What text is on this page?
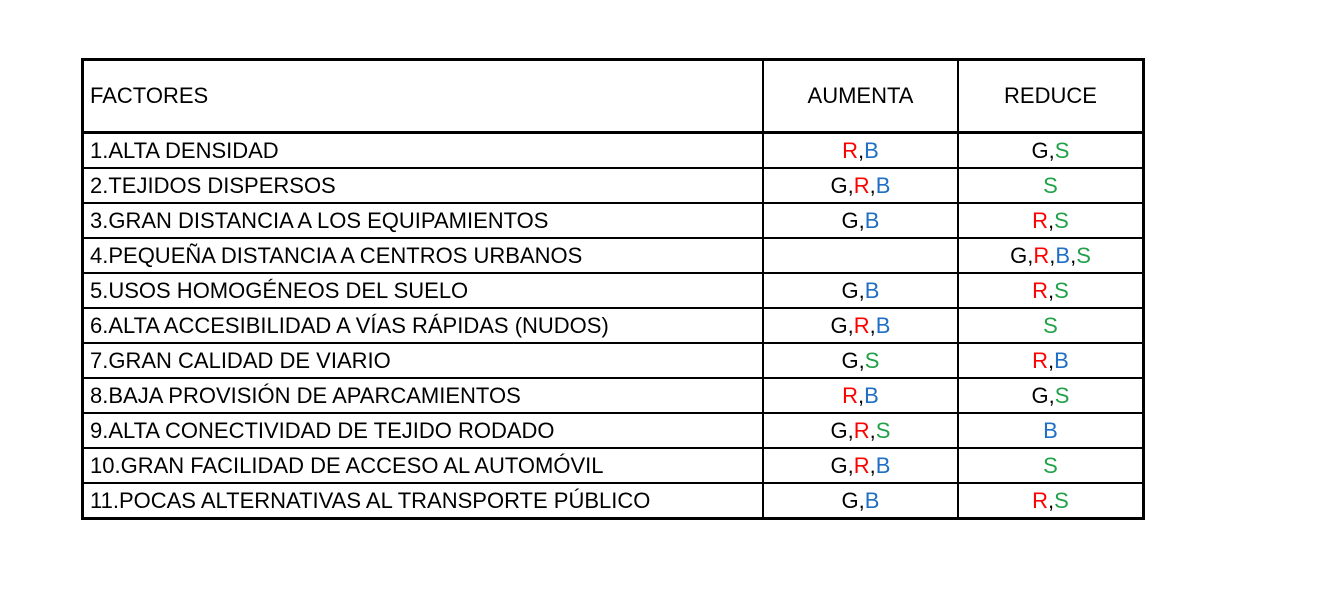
FACTORES	AUMENTA	REDUCE
1.ALTA DENSIDAD	R,B	G,S
2.TEJIDOS DISPERSOS	G,R,B	S
3.GRAN DISTANCIA A LOS EQUIPAMIENTOS	G,B	R,S
4.PEQUEÑA DISTANCIA A CENTROS URBANOS		G,R,B,S
5.USOS HOMOGÉNEOS DEL SUELO	G,B	R,S
6.ALTA ACCESIBILIDAD A VÍAS RÁPIDAS (NUDOS)	G,R,B	S
7.GRAN CALIDAD DE VIARIO	G,S	R,B
8.BAJA PROVISIÓN DE APARCAMIENTOS	R,B	G,S
9.ALTA CONECTIVIDAD DE TEJIDO RODADO	G,R,S	B
10.GRAN FACILIDAD DE ACCESO AL AUTOMÓVIL	G,R,B	S
11.POCAS ALTERNATIVAS AL TRANSPORTE PÚBLICO	G,B	R,S
